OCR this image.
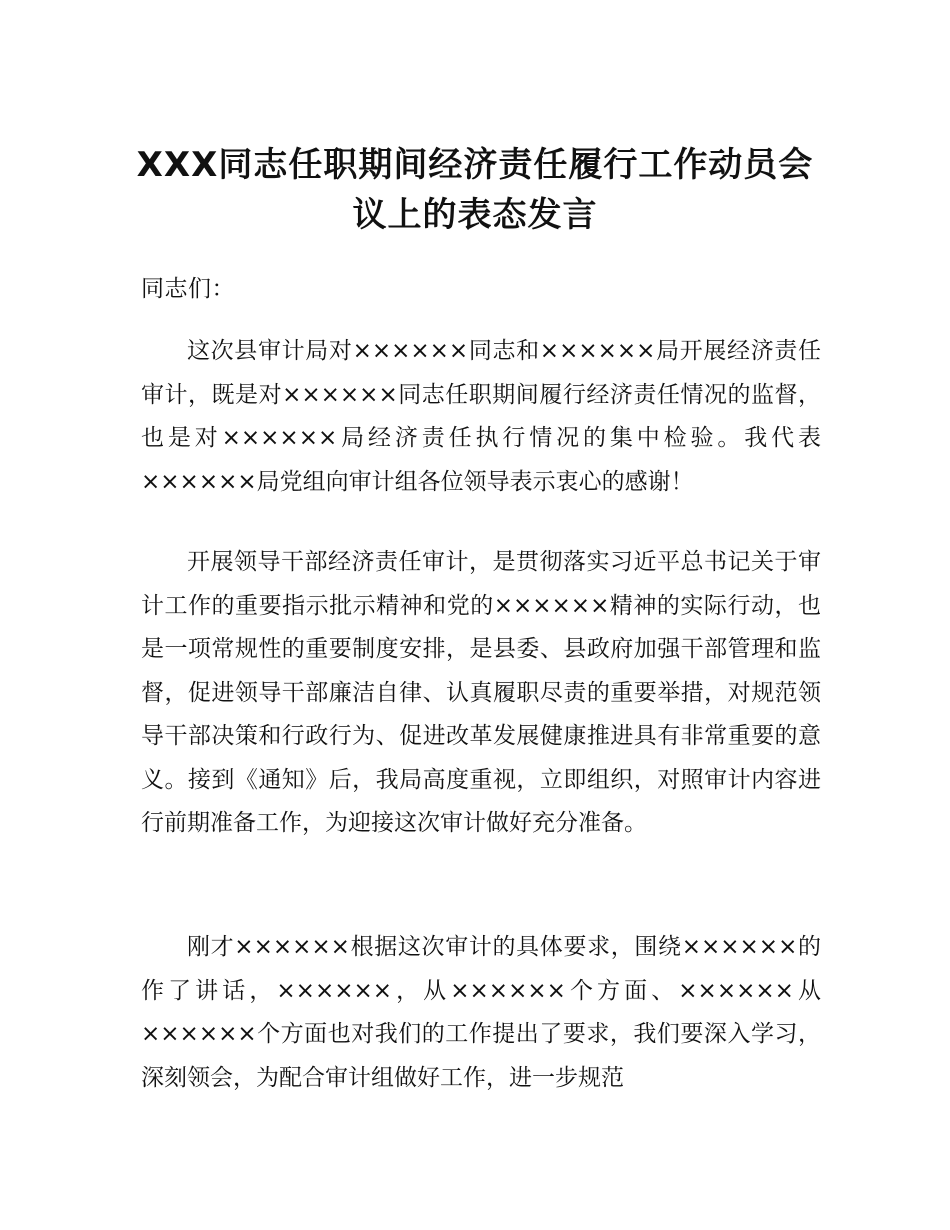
XXX同志任职期间经济责任履行工作动员会
议上的表态发言
同志们：

这次县审计局对××××××同志和××××××局开展经济责任审计，既是对××××××同志任职期间履行经济责任情况的监督，也是对××××××局经济责任执行情况的集中检验。我代表××××××局党组向审计组各位领导表示衷心的感谢！

开展领导干部经济责任审计，是贯彻落实习近平总书记关于审计工作的重要指示批示精神和党的××××××精神的实际行动，也是一项常规性的重要制度安排，是县委、县政府加强干部管理和监督，促进领导干部廉洁自律、认真履职尽责的重要举措，对规范领导干部决策和行政行为、促进改革发展健康推进具有非常重要的意义。接到《通知》后，我局高度重视，立即组织，对照审计内容进行前期准备工作，为迎接这次审计做好充分准备。

刚才××××××根据这次审计的具体要求，围绕××××××的作了讲话，××××××，从××××××个方面、××××××从××××××个方面也对我们的工作提出了要求，我们要深入学习，深刻领会，为配合审计组做好工作，进一步规范
